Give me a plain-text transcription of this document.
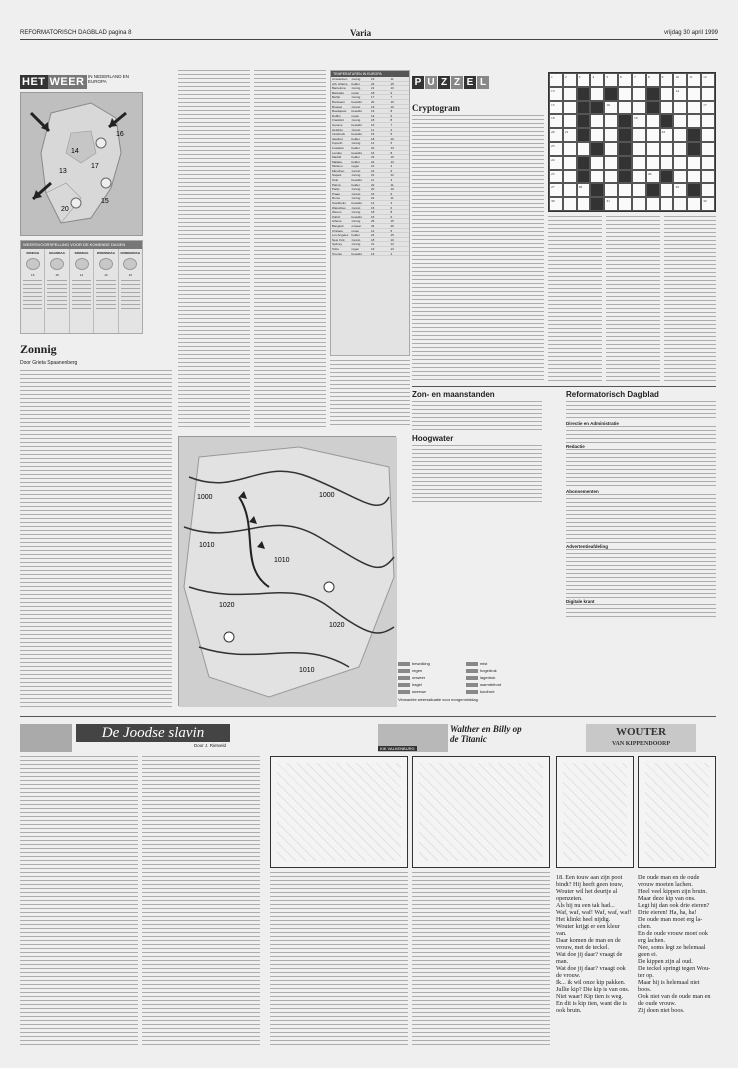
REFORMATORISCH DAGBLAD pagina 8	Varia	vrijdag 30 april 1999
HET WEER IN NEDERLAND EN EUROPA
14
16
13
17
15
20
WEERSVOORSPELLING VOOR DE KOMENDE DAGEN
ZONDAG
16
MAANDAG
15
DINSDAG
14
WOENSDAG
13
DONDERDAG
16
Zonnig
Door Grieta Spaanenberg
TEMPERATUREN IN EUROPA
Amsterdam	zonnig	19	11
Ath. Athene	helder	24	15
Barcelona	zonnig	21	13
Belgrado	regen	18	9
Berlijn	zonnig	17	7
Bordeaux	bewolkt	20	10
Brussel	zonnig	19	10
Boedapest	bewolkt	19	8
Dublin	regen	13	6
Frankfort	zonnig	18	8
Genève	bewolkt	16	7
Helsinki	zonnig	11	2
Innsbruck	bewolkt	15	5
Istanbul	helder	18	10
Kopenh.	zonnig	14	5
Lissabon	helder	22	13
Londen	bewolkt	16	8
Madrid	helder	23	10
Malaga	helder	24	13
Moskou	regen	10	3
München	zonnig	16	6
Napels	zonnig	21	12
Oslo	bewolkt	11	3
Palma	helder	22	11
Parijs	zonnig	20	10
Praag	zonnig	16	6
Rome	zonnig	22	11
Stockholm	bewolkt	12	3
Warschau	zonnig	15	6
Wenen	zonnig	18	8
Zürich	bewolkt	15	6
Athene	zonnig	25	15
Bangkok	onweer	34	26
Chicago	regen	12	5
Los Angeles	helder	24	15
New York	zonnig	18	10
Sydney	zonnig	21	13
Tokio	regen	19	13
Toronto	bewolkt	13	4
1000
1010
1010
1020
1020
1000
1010
bewolking
regen
onweer
hagel
sneeuw
mist
hogedruk
lagedruk
warmtefront
koufront
Verwachte weerssituatie voor morgenmiddag
P U Z Z E L
Cryptogram
1	2	3	4	5	6	7	8	9	10	11	12
13	14
15	16	17
18	19
20	21	22
23
24
25	26
27	28	29
30	31	32
Zon- en maanstanden
Hoogwater
Reformatorisch Dagblad
Directie en Administratie
Redactie
Abonnementen
Advertentieafdeling
Digitale krant
De Joodse slavin
Door J. Rietveld
Walther en Billy op de Titanic
KIK VALKENBURG
WOUTER
VAN KIPPENDOORP
18. Een touw aan zijn poot
bindt? Hij heeft geen touw,
Wouter wil het deurtje al
openzeten.
Als hij nu een tak had...
Waf, waf, waf! Waf, waf, waf!
Het klinkt heel nijdig.
Wouter krijgt er een kleur
van.
Daar komen de man en de
vrouw, met de teckel.
Wat doe jij daar? vraagt de
man.
Wat doe jij daar? vraagt ook
de vrouw.
Ik... ik wil onze kip pakken.
Jullie kip? Die kip is van ons.
Niet waar! Kip tien is weg.
En dit is kip tien, want die is
ook bruin.
De oude man en de oude
vrouw moeten lachen.
Heel veel kippen zijn bruin.
Maar deze kip van ons.
Legt hij dan ook drie eieren?
Drie eieren! Ha, ha, ha!
De oude man moet erg la-
chen.
En de oude vrouw moet ook
erg lachen.
Nee, soms legt ze helemaal
geen ei.
De kippen zijn al oud.
De teckel springt tegen Wou-
ter op.
Maar hij is helemaal niet
boos.
Ook niet van de oude man en
de oude vrouw.
Zij doen niet boos.
